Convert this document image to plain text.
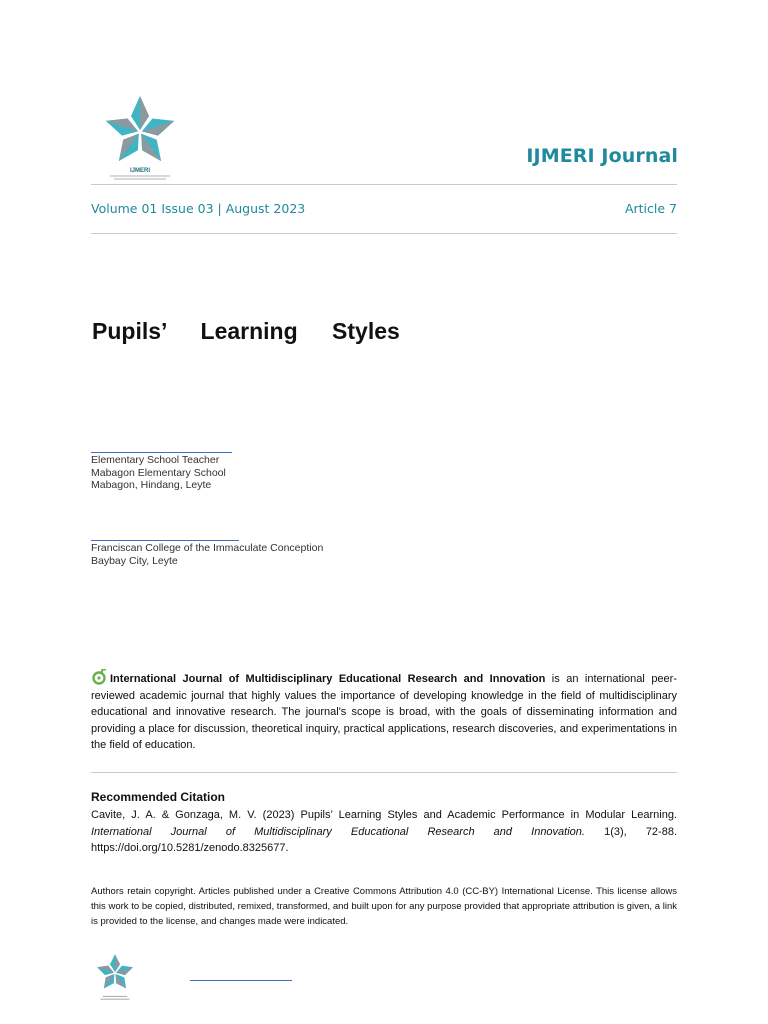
IJMERI
IJMERI Journal
Volume 01 Issue 03 | August 2023	Article 7
Pupils’ Learning Styles
Elementary School Teacher
Mabagon Elementary School
Mabagon, Hindang, Leyte
Franciscan College of the Immaculate Conception
Baybay City, Leyte
International Journal of Multidisciplinary Educational Research and Innovation is an international peer-reviewed academic journal that highly values the importance of developing knowledge in the field of multidisciplinary educational and innovative research. The journal's scope is broad, with the goals of disseminating information and providing a place for discussion, theoretical inquiry, practical applications, research discoveries, and experimentations in the field of education.
Recommended Citation
Cavite, J. A. & Gonzaga, M. V. (2023) Pupils’ Learning Styles and Academic Performance in Modular Learning. International Journal of Multidisciplinary Educational Research and Innovation. 1(3), 72-88. https://doi.org/10.5281/zenodo.8325677.
Authors retain copyright. Articles published under a Creative Commons Attribution 4.0 (CC-BY) International License. This license allows this work to be copied, distributed, remixed, transformed, and built upon for any purpose provided that appropriate attribution is given, a link is provided to the license, and changes made were indicated.
